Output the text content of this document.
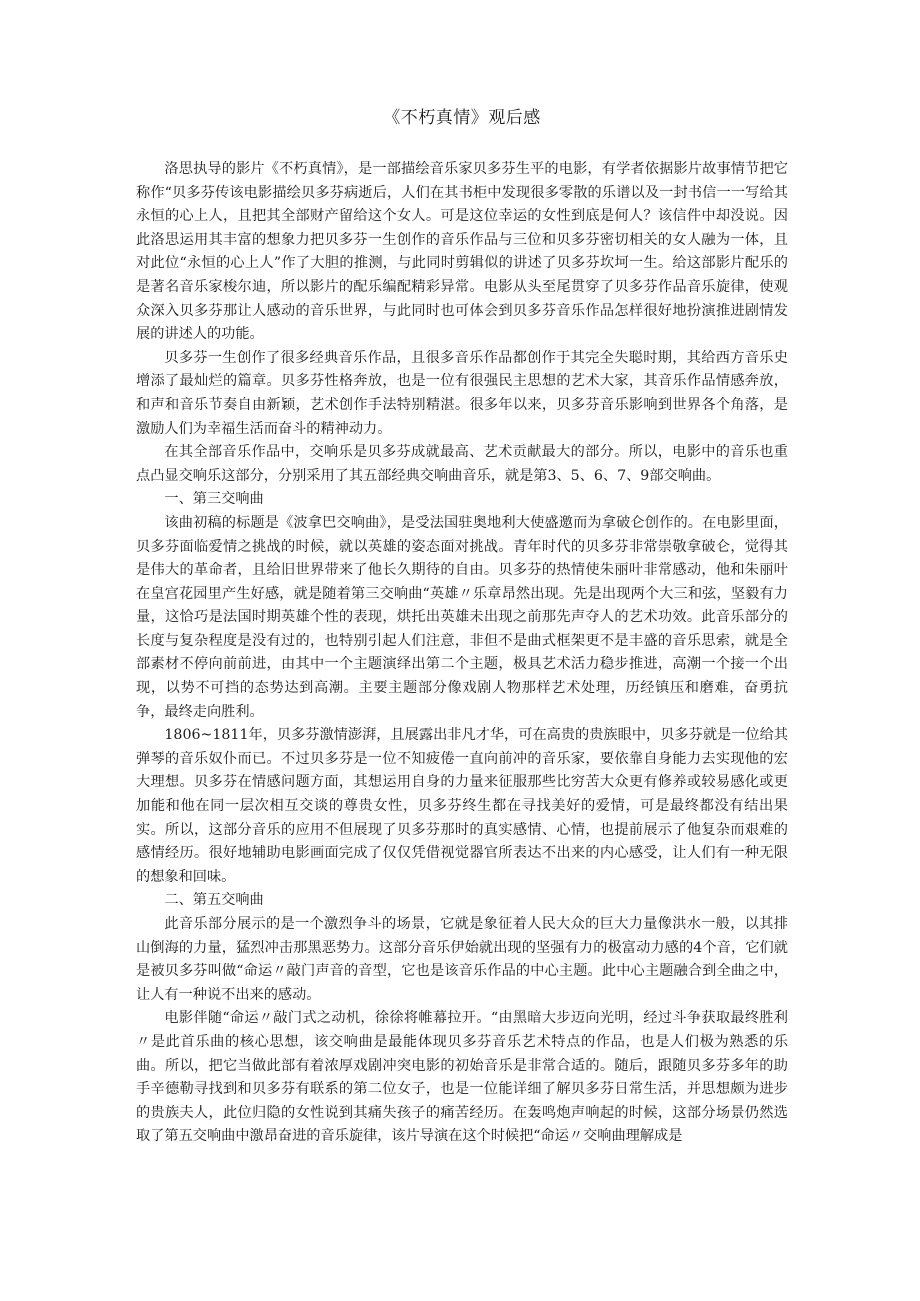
《不朽真情》观后感

洛思执导的影片《不朽真情》，是一部描绘音乐家贝多芬生平的电影，有学者依据影片故事情节把它称作“贝多芬传该电影描绘贝多芬病逝后，人们在其书柜中发现很多零散的乐谱以及一封书信一一写给其永恒的心上人，且把其全部财产留给这个女人。可是这位幸运的女性到底是何人？该信件中却没说。因此洛思运用其丰富的想象力把贝多芬一生创作的音乐作品与三位和贝多芬密切相关的女人融为一体，且对此位“永恒的心上人”作了大胆的推测，与此同时剪辑似的讲述了贝多芬坎坷一生。给这部影片配乐的是著名音乐家梭尔迪，所以影片的配乐编配精彩异常。电影从头至尾贯穿了贝多芬作品音乐旋律，使观众深入贝多芬那让人感动的音乐世界，与此同时也可体会到贝多芬音乐作品怎样很好地扮演推进剧情发展的讲述人的功能。

贝多芬一生创作了很多经典音乐作品，且很多音乐作品都创作于其完全失聪时期，其给西方音乐史增添了最灿烂的篇章。贝多芬性格奔放，也是一位有很强民主思想的艺术大家，其音乐作品情感奔放，和声和音乐节奏自由新颖，艺术创作手法特别精湛。很多年以来，贝多芬音乐影响到世界各个角落，是激励人们为幸福生活而奋斗的精神动力。

在其全部音乐作品中，交响乐是贝多芬成就最高、艺术贡献最大的部分。所以，电影中的音乐也重点凸显交响乐这部分，分别采用了其五部经典交响曲音乐，就是第3、5、6、7、9部交响曲。

一、第三交响曲

该曲初稿的标题是《波拿巴交响曲》，是受法国驻奥地利大使盛邀而为拿破仑创作的。在电影里面，贝多芬面临爱情之挑战的时候，就以英雄的姿态面对挑战。青年时代的贝多芬非常崇敬拿破仑，觉得其是伟大的革命者，且给旧世界带来了他长久期待的自由。贝多芬的热情使朱丽叶非常感动，他和朱丽叶在皇宫花园里产生好感，就是随着第三交响曲“英雄〃乐章昂然出现。先是出现两个大三和弦，坚毅有力量，这恰巧是法国时期英雄个性的表现，烘托出英雄未出现之前那先声夺人的艺术功效。此音乐部分的长度与复杂程度是没有过的，也特别引起人们注意，非但不是曲式框架更不是丰盛的音乐思索，就是全部素材不停向前前进，由其中一个主题演绎出第二个主题，极具艺术活力稳步推进，高潮一个接一个出现，以势不可挡的态势达到高潮。主要主题部分像戏剧人物那样艺术处理，历经镇压和磨难，奋勇抗争，最终走向胜利。

1806~1811年，贝多芬激情澎湃，且展露出非凡才华，可在高贵的贵族眼中，贝多芬就是一位给其弹琴的音乐奴仆而已。不过贝多芬是一位不知疲倦一直向前冲的音乐家，要依靠自身能力去实现他的宏大理想。贝多芬在情感问题方面，其想运用自身的力量来征服那些比穷苦大众更有修养或较易感化或更加能和他在同一层次相互交谈的尊贵女性，贝多芬终生都在寻找美好的爱情，可是最终都没有结出果实。所以，这部分音乐的应用不但展现了贝多芬那时的真实感情、心情，也提前展示了他复杂而艰难的感情经历。很好地辅助电影画面完成了仅仅凭借视觉器官所表达不出来的内心感受，让人们有一种无限的想象和回味。

二、第五交响曲

此音乐部分展示的是一个激烈争斗的场景，它就是象征着人民大众的巨大力量像洪水一般，以其排山倒海的力量，猛烈冲击那黑恶势力。这部分音乐伊始就出现的坚强有力的极富动力感的4个音，它们就是被贝多芬叫做“命运〃敲门声音的音型，它也是该音乐作品的中心主题。此中心主题融合到全曲之中，让人有一种说不出来的感动。

电影伴随“命运〃敲门式之动机，徐徐将帷幕拉开。“由黑暗大步迈向光明，经过斗争获取最终胜利〃是此首乐曲的核心思想，该交响曲是最能体现贝多芬音乐艺术特点的作品，也是人们极为熟悉的乐曲。所以，把它当做此部有着浓厚戏剧冲突电影的初始音乐是非常合适的。随后，跟随贝多芬多年的助手辛德勒寻找到和贝多芬有联系的第二位女子，也是一位能详细了解贝多芬日常生活，并思想颇为进步的贵族夫人，此位归隐的女性说到其痛失孩子的痛苦经历。在轰鸣炮声响起的时候，这部分场景仍然选取了第五交响曲中激昂奋进的音乐旋律，该片导演在这个时候把“命运〃交响曲理解成是
